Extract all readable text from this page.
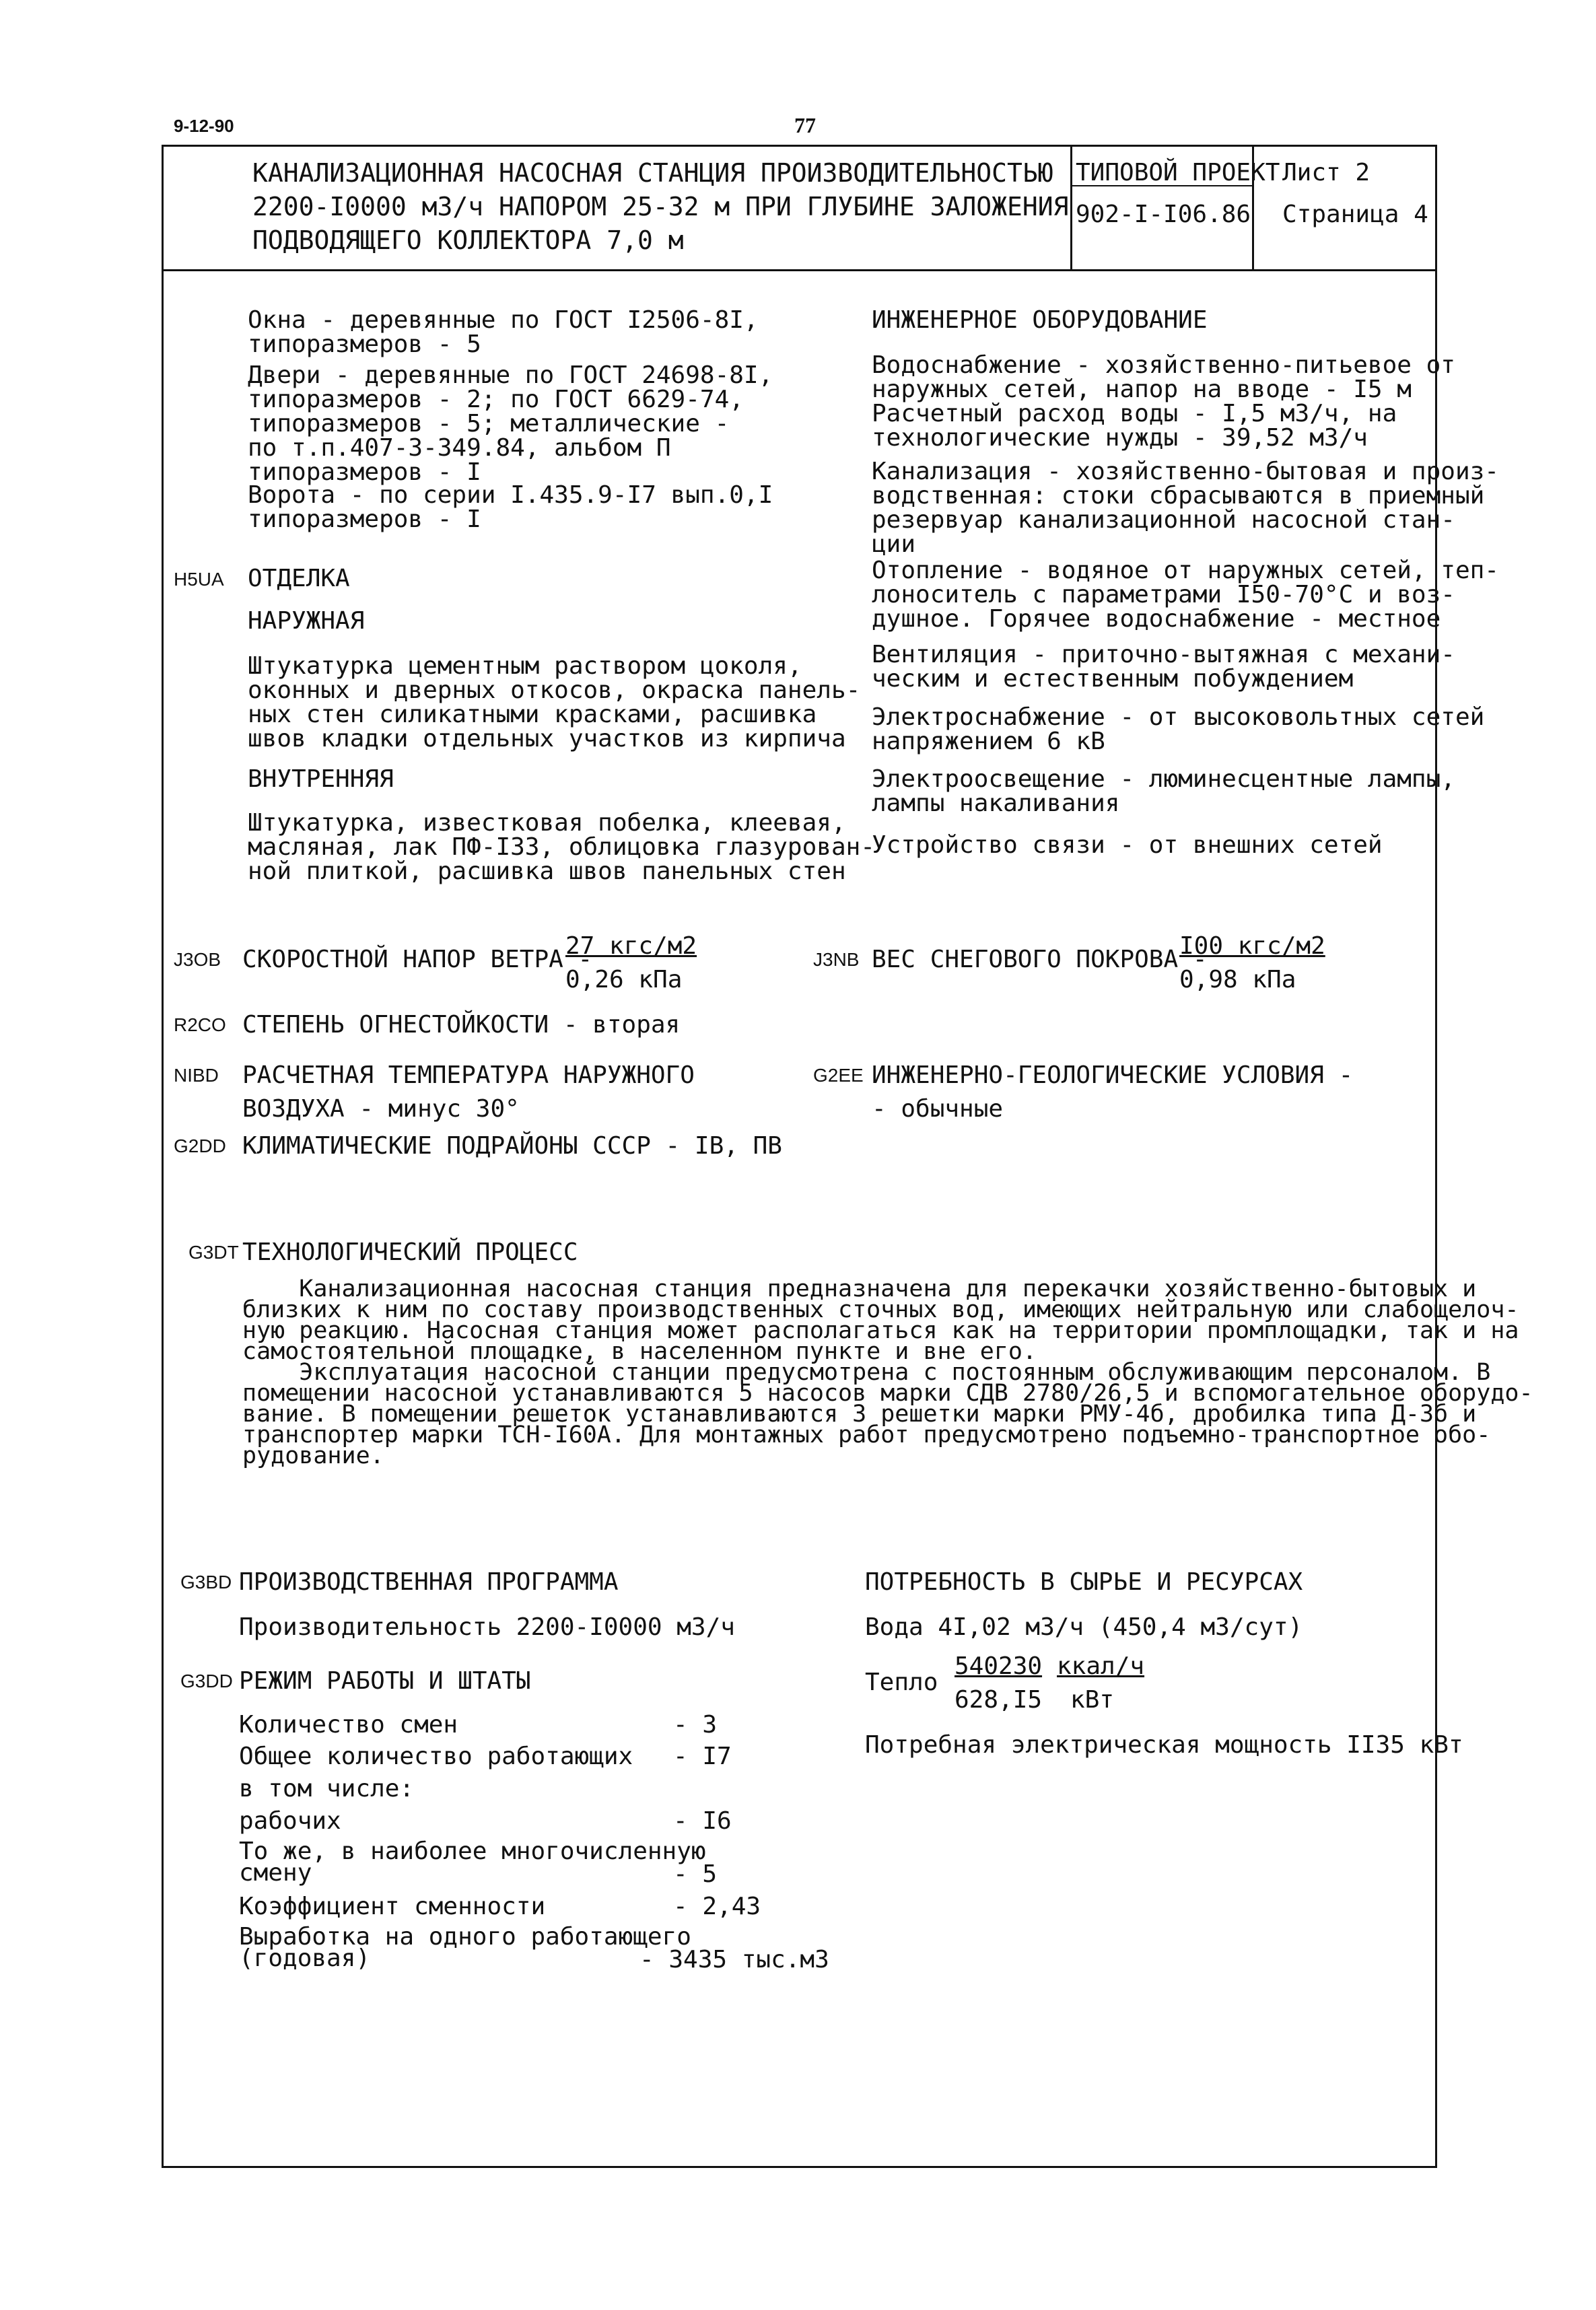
9-12-90	77
КАНАЛИЗАЦИОННАЯ НАСОСНАЯ СТАНЦИЯ ПРОИЗВОДИТЕЛЬНОСТЬЮ
2200-I0000 м3/ч НАПОРОМ 25-32 м ПРИ ГЛУБИНЕ ЗАЛОЖЕНИЯ
ПОДВОДЯЩЕГО КОЛЛЕКТОРА 7,0 м
ТИПОВОЙ ПРОЕКТ
902-I-I06.86
Лист 2
Страница 4
Окна - деревянные по ГОСТ I2506-8I,
типоразмеров - 5
Двери - деревянные по ГОСТ 24698-8I,
типоразмеров - 2; по ГОСТ 6629-74,
типоразмеров - 5; металлические -
по т.п.407-3-349.84, альбом П
типоразмеров - I
Ворота - по серии I.435.9-I7 вып.0,I
типоразмеров - I
H5UA ОТДЕЛКА
НАРУЖНАЯ
Штукатурка цементным раствором цоколя,
оконных и дверных откосов, окраска панель-
ных стен силикатными красками, расшивка
швов кладки отдельных участков из кирпича
ВНУТРЕННЯЯ
Штукатурка, известковая побелка, клеевая,
масляная, лак ПФ-I33, облицовка глазурован-
ной плиткой, расшивка швов панельных стен
ИНЖЕНЕРНОЕ ОБОРУДОВАНИЕ
Водоснабжение - хозяйственно-питьевое от
наружных сетей, напор на вводе - I5 м
Расчетный расход воды - I,5 м3/ч, на
технологические нужды - 39,52 м3/ч
Канализация - хозяйственно-бытовая и произ-
водственная: стоки сбрасываются в приемный
резервуар канализационной насосной стан-
ции
Отопление - водяное от наружных сетей, теп-
лоноситель с параметрами I50-70°С и воз-
душное. Горячее водоснабжение - местное
Вентиляция - приточно-вытяжная с механи-
ческим и естественным побуждением
Электроснабжение - от высоковольтных сетей
напряжением 6 кВ
Электроосвещение - люминесцентные лампы,
лампы накаливания
Устройство связи - от внешних сетей
J3OB СКОРОСТНОЙ НАПОР ВЕТРА -
27 кгс/м2
0,26 кПа
J3NB ВЕС СНЕГОВОГО ПОКРОВА -
I00 кгс/м2
0,98 кПа
R2CO СТЕПЕНЬ ОГНЕСТОЙКОСТИ - вторая
NIBD РАСЧЕТНАЯ ТЕМПЕРАТУРА НАРУЖНОГО
ВОЗДУХА - минус 30°
G2EE ИНЖЕНЕРНО-ГЕОЛОГИЧЕСКИЕ УСЛОВИЯ -
- обычные
G2DD КЛИМАТИЧЕСКИЕ ПОДРАЙОНЫ СССР - IB, ПВ
G3DT ТЕХНОЛОГИЧЕСКИЙ ПРОЦЕСС
Канализационная насосная станция предназначена для перекачки хозяйственно-бытовых и
близких к ним по составу производственных сточных вод, имеющих нейтральную или слабощелоч-
ную реакцию. Насосная станция может располагаться как на территории промплощадки, так и на
самостоятельной площадке, в населенном пункте и вне его.
Эксплуатация насосной станции предусмотрена с постоянным обслуживающим персоналом. В
помещении насосной устанавливаются 5 насосов марки СДВ 2780/26,5 и вспомогательное оборудо-
вание. В помещении решеток устанавливаются 3 решетки марки РМУ-4б, дробилка типа Д-3б и
транспортер марки ТСН-I60А. Для монтажных работ предусмотрено подъемно-транспортное обо-
рудование.
G3BD ПРОИЗВОДСТВЕННАЯ ПРОГРАММА
Производительность 2200-I0000 м3/ч
G3DD РЕЖИМ РАБОТЫ И ШТАТЫ
Количество смен	- 3
Общее количество работающих - I7
в том числе:
рабочих	- I6
То же, в наиболее многочисленную
смену	- 5
Коэффициент сменности	- 2,43
Выработка на одного работающего
(годовая)	- 3435 тыс.м3
ПОТРЕБНОСТЬ В СЫРЬЕ И РЕСУРСАХ
Вода 4I,02 м3/ч (450,4 м3/сут)
Тепло
540230 ккал/ч
628,I5 кВт
Потребная электрическая мощность II35 кВт
